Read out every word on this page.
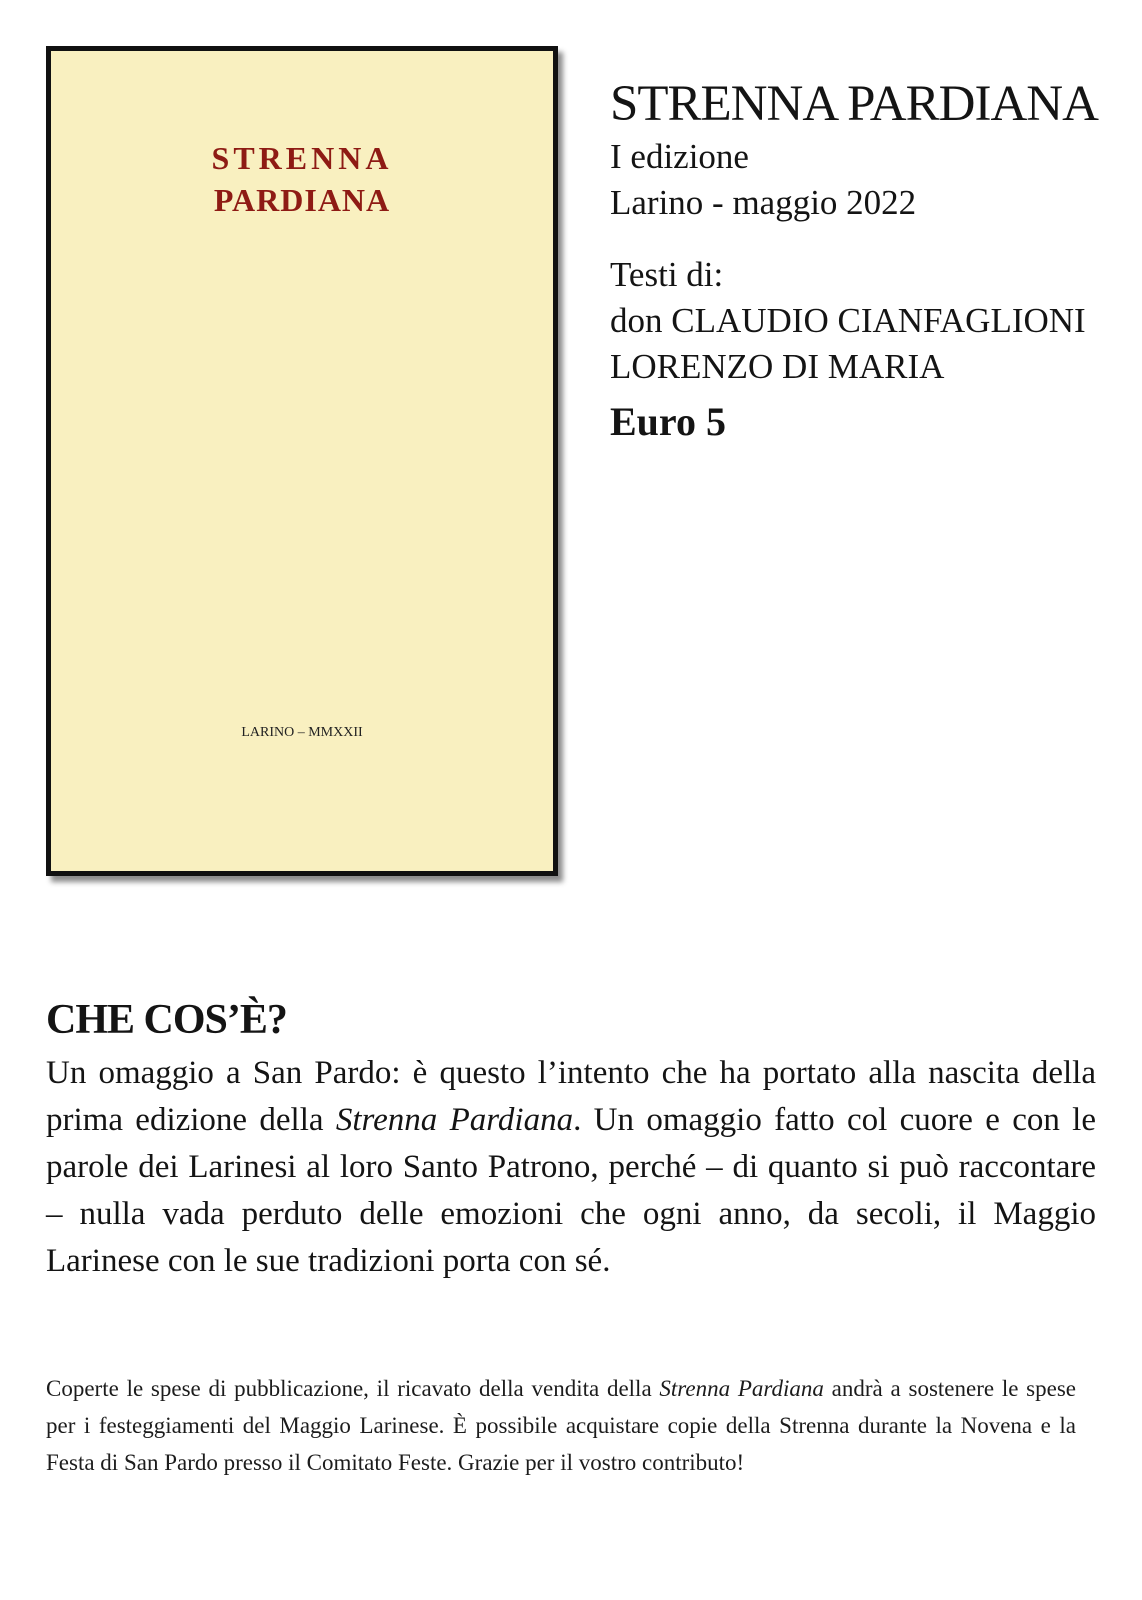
STRENNA
PARDIANA
LARINO – MMXXII
STRENNA PARDIANA
I edizione
Larino - maggio 2022
Testi di:
don CLAUDIO CIANFAGLIONI
LORENZO DI MARIA
Euro 5
CHE COS’È?
Un omaggio a San Pardo: è questo l’intento che ha portato alla nascita della prima edizione della Strenna Pardiana. Un omaggio fatto col cuore e con le parole dei Larinesi al loro Santo Patrono, perché – di quanto si può raccontare – nulla vada perduto delle emozioni che ogni anno, da secoli, il Maggio Larinese con le sue tradizioni porta con sé.
Coperte le spese di pubblicazione, il ricavato della vendita della Strenna Pardiana andrà a sostenere le spese per i festeggiamenti del Maggio Larinese. È possibile acquistare copie della Strenna durante la Novena e la Festa di San Pardo presso il Comitato Feste. Grazie per il vostro contributo!
